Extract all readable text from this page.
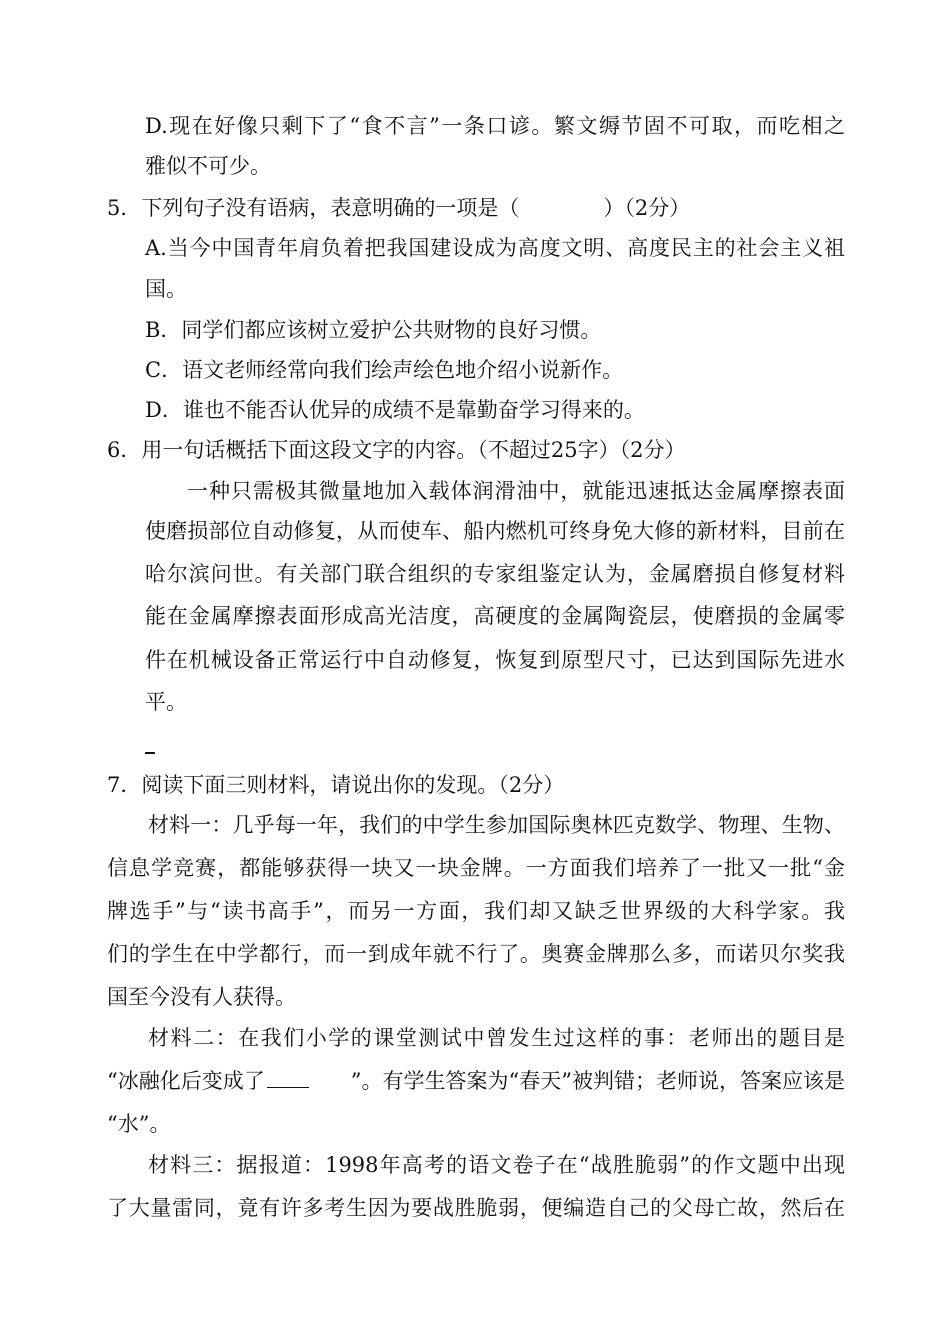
D.现在好像只剩下了“食不言”一条口谚。繁文缛节固不可取，而吃相之
雅似不可少。
5．下列句子没有语病，表意明确的一项是（　　　　）（2分）
A.当今中国青年肩负着把我国建设成为高度文明、高度民主的社会主义祖
国。
B．同学们都应该树立爱护公共财物的良好习惯。
C．语文老师经常向我们绘声绘色地介绍小说新作。
D．谁也不能否认优异的成绩不是靠勤奋学习得来的。
6．用一句话概括下面这段文字的内容。（不超过25字）（2分）
一种只需极其微量地加入载体润滑油中，就能迅速抵达金属摩擦表面
使磨损部位自动修复，从而使车、船内燃机可终身免大修的新材料，目前在
哈尔滨问世。有关部门联合组织的专家组鉴定认为，金属磨损自修复材料
能在金属摩擦表面形成高光洁度，高硬度的金属陶瓷层，使磨损的金属零
件在机械设备正常运行中自动修复，恢复到原型尺寸，已达到国际先进水
平。
7．阅读下面三则材料，请说出你的发现。（2分）
材料一：几乎每一年，我们的中学生参加国际奥林匹克数学、物理、生物、
信息学竞赛，都能够获得一块又一块金牌。一方面我们培养了一批又一批“金
牌选手”与“读书高手”，而另一方面，我们却又缺乏世界级的大科学家。我
们的学生在中学都行，而一到成年就不行了。奥赛金牌那么多，而诺贝尔奖我
国至今没有人获得。
材料二：在我们小学的课堂测试中曾发生过这样的事：老师出的题目是
“冰融化后变成了	”。有学生答案为“春天”被判错；老师说，答案应该是
“水”。
材料三：据报道：1998年高考的语文卷子在“战胜脆弱”的作文题中出现
了大量雷同，竟有许多考生因为要战胜脆弱，便编造自己的父母亡故，然后在
